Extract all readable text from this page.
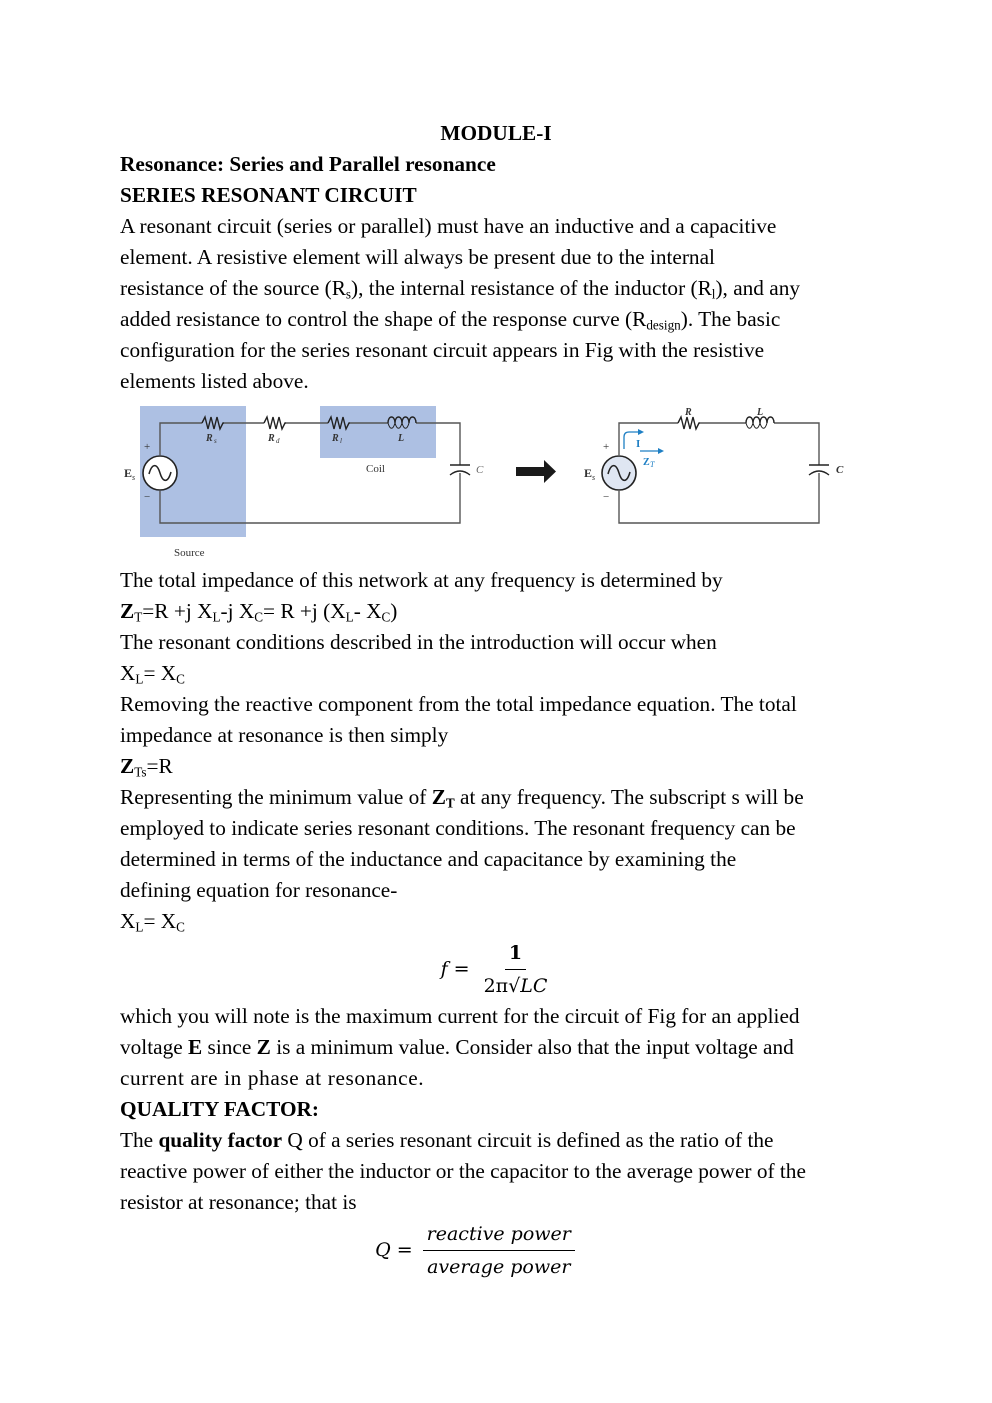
MODULE-I

Resonance: Series and Parallel resonance

SERIES RESONANT CIRCUIT

A resonant circuit (series or parallel) must have an inductive and a capacitive

element. A resistive element will always be present due to the internal

resistance of the source $(R_s)$, the internal resistance of the inductor $(R_l)$, and any

added resistance to control the shape of the response curve $(R_{design})$. The basic

configuration for the series resonant circuit appears in Fig with the resistive

elements listed above.

+
−
E s
R s	R d	R l	L
Coil	C
Source
+
−
E s
R	L
C
I
Z T

The total impedance of this network at any frequency is determined by

$Z_T=R +j$ $X_L-j$ $X_C= R +j$ ($X_L-$ $X_C$)

The resonant conditions described in the introduction will occur when

$X_L= X_C$

Removing the reactive component from the total impedance equation. The total

impedance at resonance is then simply

$Z_{Ts}=R$

Representing the minimum value of $Z_T$ at any frequency. The subscript s will be

employed to indicate series resonant conditions. The resonant frequency can be

determined in terms of the inductance and capacitance by examining the

defining equation for resonance-

$X_L= X_C$

f
= $\frac{1}{2\pi√LC}$

which you will note is the maximum current for the circuit of Fig for an applied

voltage E since Z is a minimum value. Consider also that the input voltage and

current are in phase at resonance.

QUALITY FACTOR:

The quality factor Q of a series resonant circuit is defined as the ratio of the

reactive power of either the inductor or the capacitor to the average power of the

resistor at resonance; that is

Q
= $\frac{\text{reactive power}}{\text{average power}}$
